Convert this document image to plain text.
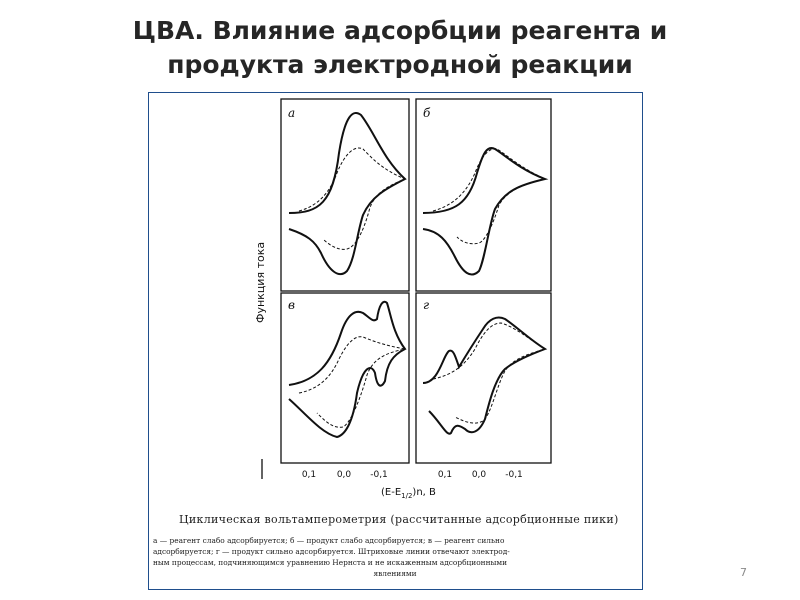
ЦВА. Влияние адсорбции реагента и
продукта электродной реакции
а	б
в	г
Функция тока
0,1 0,0 -0,1	0,1 0,0 -0,1
$(E-E_{1/2})n$, В
Циклическая вольтамперометрия (рассчитанные адсорбционные пики)
а — реагент слабо адсорбируется; б — продукт слабо адсорбируется; в — реагент сильно
адсорбируется; г — продукт сильно адсорбируется. Штриховые линии отвечают электрод-
ным процессам, подчиняющимся уравнению Нернста и не искаженным адсорбционными
явлениями	7
